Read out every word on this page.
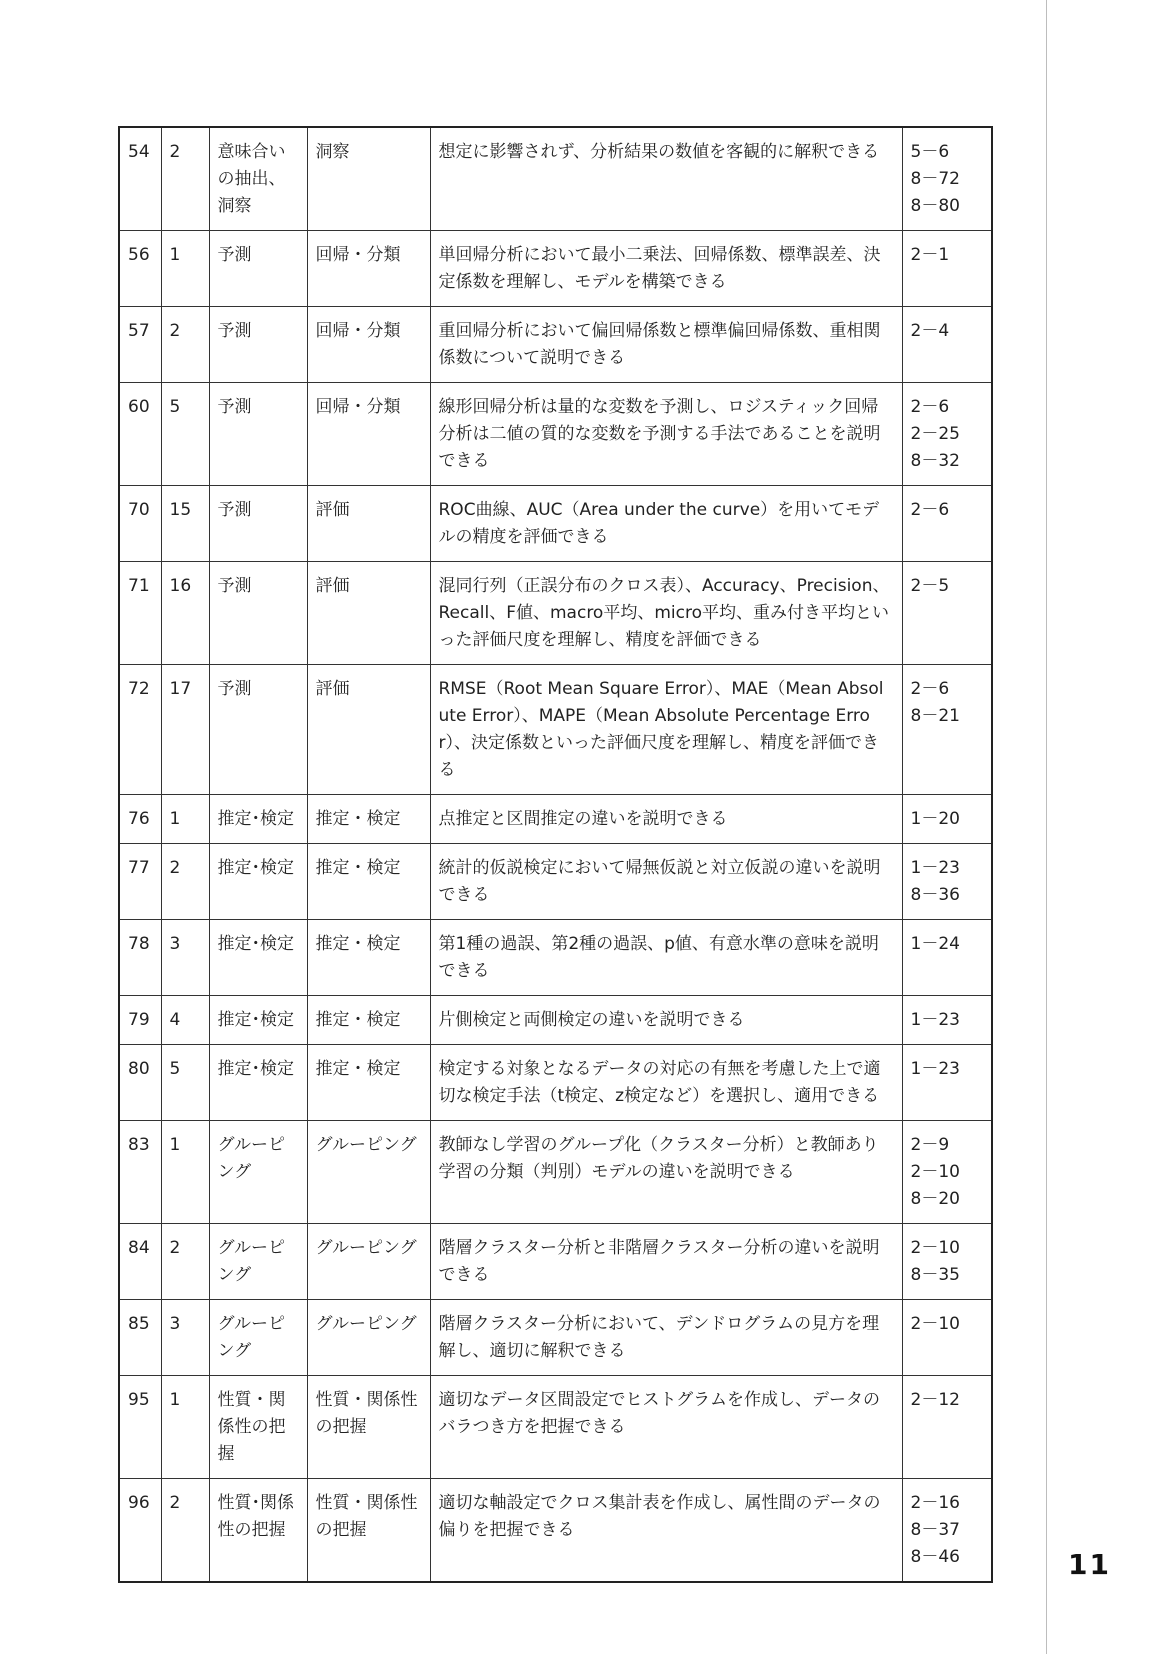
54	2	意味合いの抽出、洞察	洞察	想定に影響されず、分析結果の数値を客観的に解釈できる	5－6
8－72
8－80

56	1	予測	回帰・分類	単回帰分析において最小二乗法、回帰係数、標準誤差、決定係数を理解し、モデルを構築できる	2－1

57	2	予測	回帰・分類	重回帰分析において偏回帰係数と標準偏回帰係数、重相関係数について説明できる	2－4

60	5	予測	回帰・分類	線形回帰分析は量的な変数を予測し、ロジスティック回帰分析は二値の質的な変数を予測する手法であることを説明できる	2－6
2－25
8－32

70	15	予測	評価	ROC曲線、AUC（Area under the curve）を用いてモデルの精度を評価できる	2－6

71	16	予測	評価	混同行列（正誤分布のクロス表）、Accuracy、Precision、Recall、F値、macro平均、micro平均、重み付き平均といった評価尺度を理解し、精度を評価できる	2－5

72	17	予測	評価	RMSE（Root Mean Square Error）、MAE（Mean Absolute Error）、MAPE（Mean Absolute Percentage Error）、決定係数といった評価尺度を理解し、精度を評価できる	2－6
8－21

76	1	推定･検定	推定・検定	点推定と区間推定の違いを説明できる	1－20

77	2	推定･検定	推定・検定	統計的仮説検定において帰無仮説と対立仮説の違いを説明できる	1－23
8－36

78	3	推定･検定	推定・検定	第1種の過誤、第2種の過誤、p値、有意水準の意味を説明できる	1－24

79	4	推定･検定	推定・検定	片側検定と両側検定の違いを説明できる	1－23

80	5	推定･検定	推定・検定	検定する対象となるデータの対応の有無を考慮した上で適切な検定手法（t検定、z検定など）を選択し、適用できる	1－23

83	1	グルーピング	グルーピング	教師なし学習のグループ化（クラスター分析）と教師あり学習の分類（判別）モデルの違いを説明できる	2－9
2－10
8－20

84	2	グルーピング	グルーピング	階層クラスター分析と非階層クラスター分析の違いを説明できる	2－10
8－35

85	3	グルーピング	グルーピング	階層クラスター分析において、デンドログラムの見方を理解し、適切に解釈できる	2－10

95	1	性質・関係性の把握	性質・関係性の把握	適切なデータ区間設定でヒストグラムを作成し、データのバラつき方を把握できる	2－12

96	2	性質･関係性の把握	性質・関係性の把握	適切な軸設定でクロス集計表を作成し、属性間のデータの偏りを把握できる	2－16
8－37
8－46	11
